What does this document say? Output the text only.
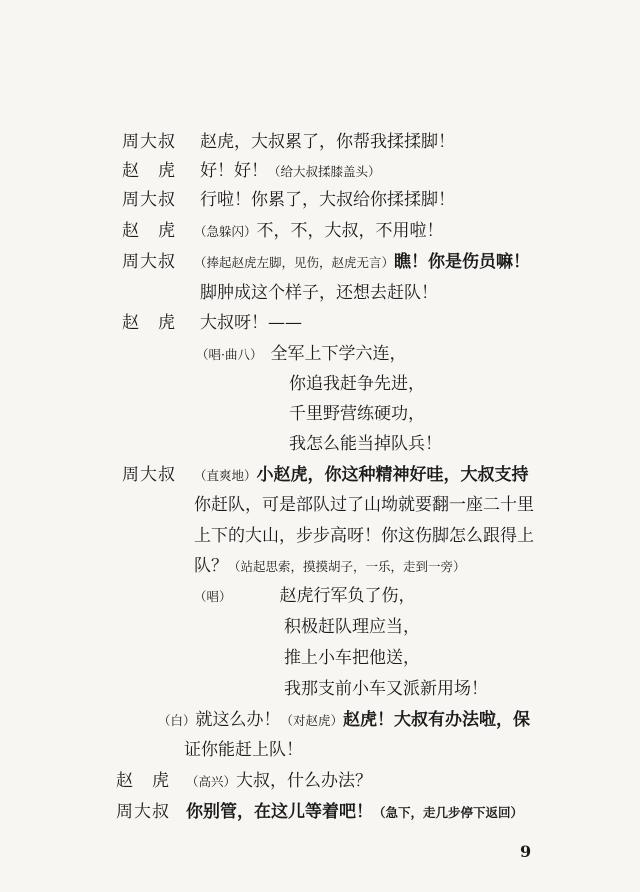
周大叔	赵虎，大叔累了，你帮我揉揉脚！
赵　虎	好！好！（给大叔揉膝盖头）
周大叔	行啦！你累了，大叔给你揉揉脚！
赵　虎	（急躲闪）不，不，大叔，不用啦！
周大叔	（捧起赵虎左脚，见伤，赵虎无言）瞧！你是伤员嘛！
脚肿成这个样子，还想去赶队！
赵　虎	大叔呀！——
（唱·曲八） 全军上下学六连，
你追我赶争先进，
千里野营练硬功，
我怎么能当掉队兵！
周大叔	（直爽地）小赵虎，你这种精神好哇，大叔支持
你赶队，可是部队过了山坳就要翻一座二十里
上下的大山，步步高呀！你这伤脚怎么跟得上
队？（站起思索，摸摸胡子，一乐，走到一旁）
（唱）	赵虎行军负了伤，
积极赶队理应当，
推上小车把他送，
我那支前小车又派新用场！
（白）就这么办！（对赵虎）赵虎！大叔有办法啦，保
证你能赶上队！
赵　虎	（高兴）大叔，什么办法？
周大叔 你别管，在这儿等着吧！（急下，走几步停下返回）
9
